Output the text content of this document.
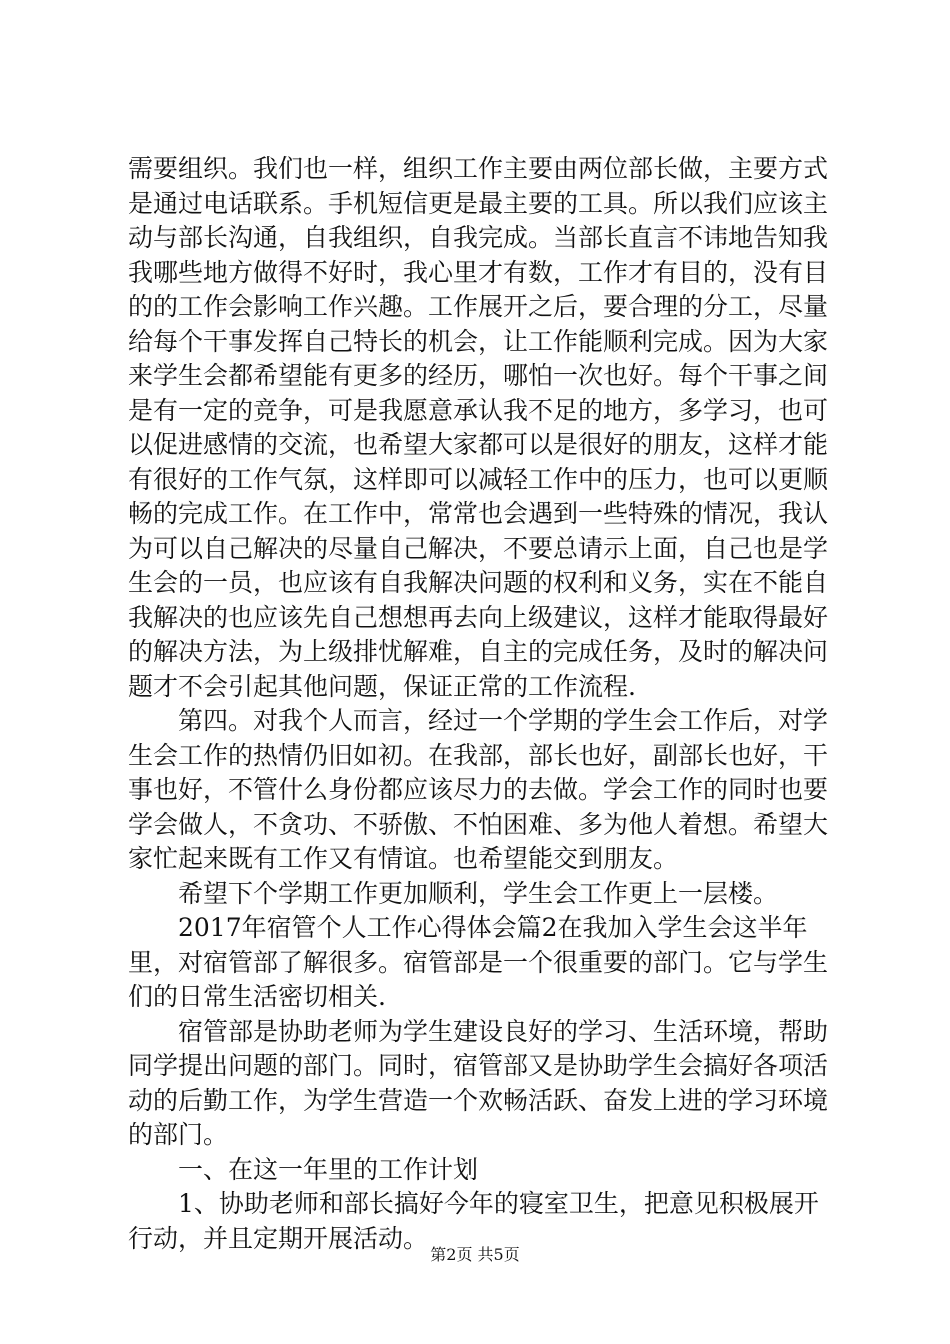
需要组织。我们也一样，组织工作主要由两位部长做，主要方式是通过电话联系。手机短信更是最主要的工具。所以我们应该主动与部长沟通，自我组织，自我完成。当部长直言不讳地告知我我哪些地方做得不好时，我心里才有数，工作才有目的，没有目的的工作会影响工作兴趣。工作展开之后，要合理的分工，尽量给每个干事发挥自己特长的机会，让工作能顺利完成。因为大家来学生会都希望能有更多的经历，哪怕一次也好。每个干事之间是有一定的竞争，可是我愿意承认我不足的地方，多学习，也可以促进感情的交流，也希望大家都可以是很好的朋友，这样才能有很好的工作气氛，这样即可以减轻工作中的压力，也可以更顺畅的完成工作。在工作中，常常也会遇到一些特殊的情况，我认为可以自己解决的尽量自己解决，不要总请示上面，自己也是学生会的一员，也应该有自我解决问题的权利和义务，实在不能自我解决的也应该先自己想想再去向上级建议，这样才能取得最好的解决方法，为上级排忧解难，自主的完成任务，及时的解决问题才不会引起其他问题，保证正常的工作流程.

第四。对我个人而言，经过一个学期的学生会工作后，对学生会工作的热情仍旧如初。在我部，部长也好，副部长也好，干事也好，不管什么身份都应该尽力的去做。学会工作的同时也要学会做人，不贪功、不骄傲、不怕困难、多为他人着想。希望大家忙起来既有工作又有情谊。也希望能交到朋友。

希望下个学期工作更加顺利，学生会工作更上一层楼。

2017年宿管个人工作心得体会篇2在我加入学生会这半年里，对宿管部了解很多。宿管部是一个很重要的部门。它与学生们的日常生活密切相关.

宿管部是协助老师为学生建设良好的学习、生活环境，帮助同学提出问题的部门。同时，宿管部又是协助学生会搞好各项活动的后勤工作，为学生营造一个欢畅活跃、奋发上进的学习环境的部门。

一、在这一年里的工作计划

1、协助老师和部长搞好今年的寝室卫生，把意见积极展开行动，并且定期开展活动。

第2页 共5页
